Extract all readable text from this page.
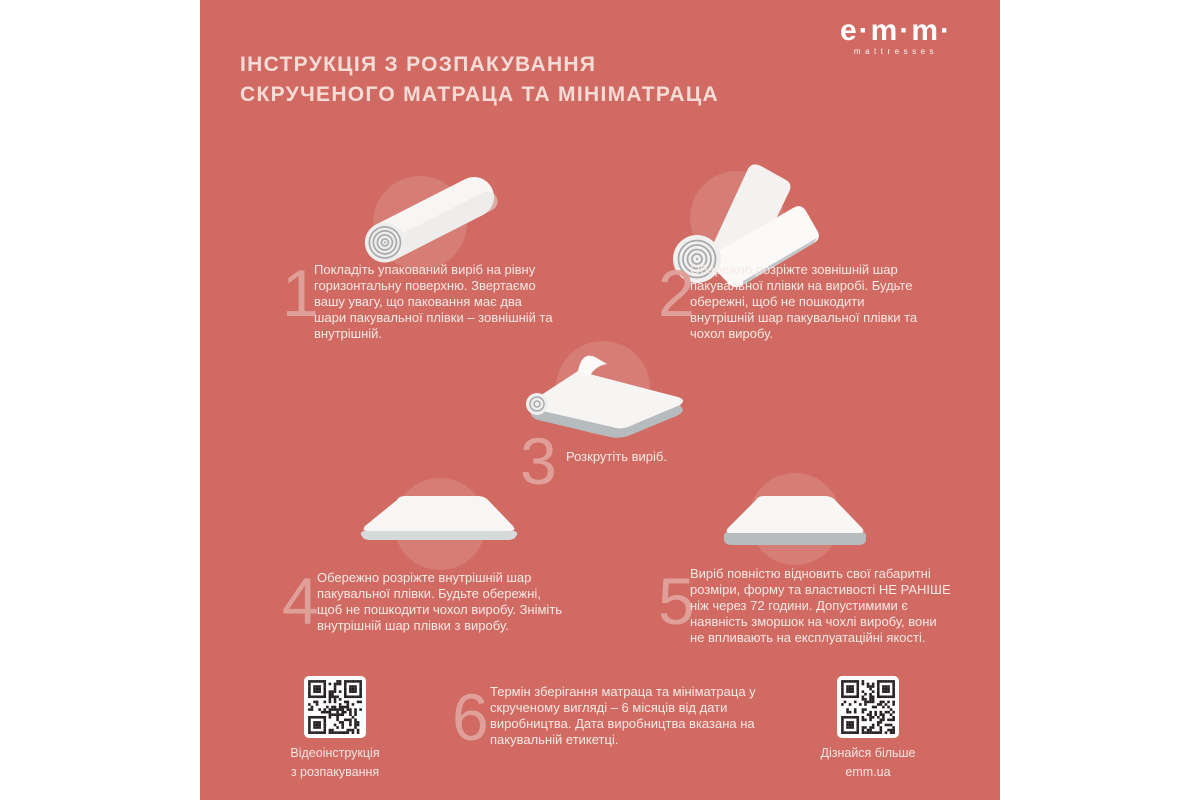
e·m·m·
mattresses
ІНСТРУКЦІЯ З РОЗПАКУВАННЯ
СКРУЧЕНОГО МАТРАЦА ТА МІНІМАТРАЦА
1	2
3
4	5
6
Покладіть упакований виріб на рівну горизонтальну поверхню. Звертаємо вашу увагу, що паковання має два шари пакувальної плівки – зовнішній та внутрішній.
Обережно розріжте зовнішній шар пакувальної плівки на виробі. Будьте обережні, щоб не пошкодити внутрішній шар пакувальної плівки та чохол виробу.
Розкрутіть виріб.
Обережно розріжте внутрішній шар пакувальної плівки. Будьте обережні, щоб не пошкодити чохол виробу. Зніміть внутрішній шар плівки з виробу.
Виріб повністю відновить свої габаритні розміри, форму та властивості НЕ РАНІШЕ ніж через 72 години. Допустимими є наявність зморшок на чохлі виробу, вони не впливають на експлуатаційні якості.
Термін зберігання матраца та мініматраца у скрученому вигляді – 6 місяців від дати виробництва. Дата виробництва вказана на пакувальній етикетці.
Відеоінструкція
з розпакування
Дізнайся більше
emm.ua
